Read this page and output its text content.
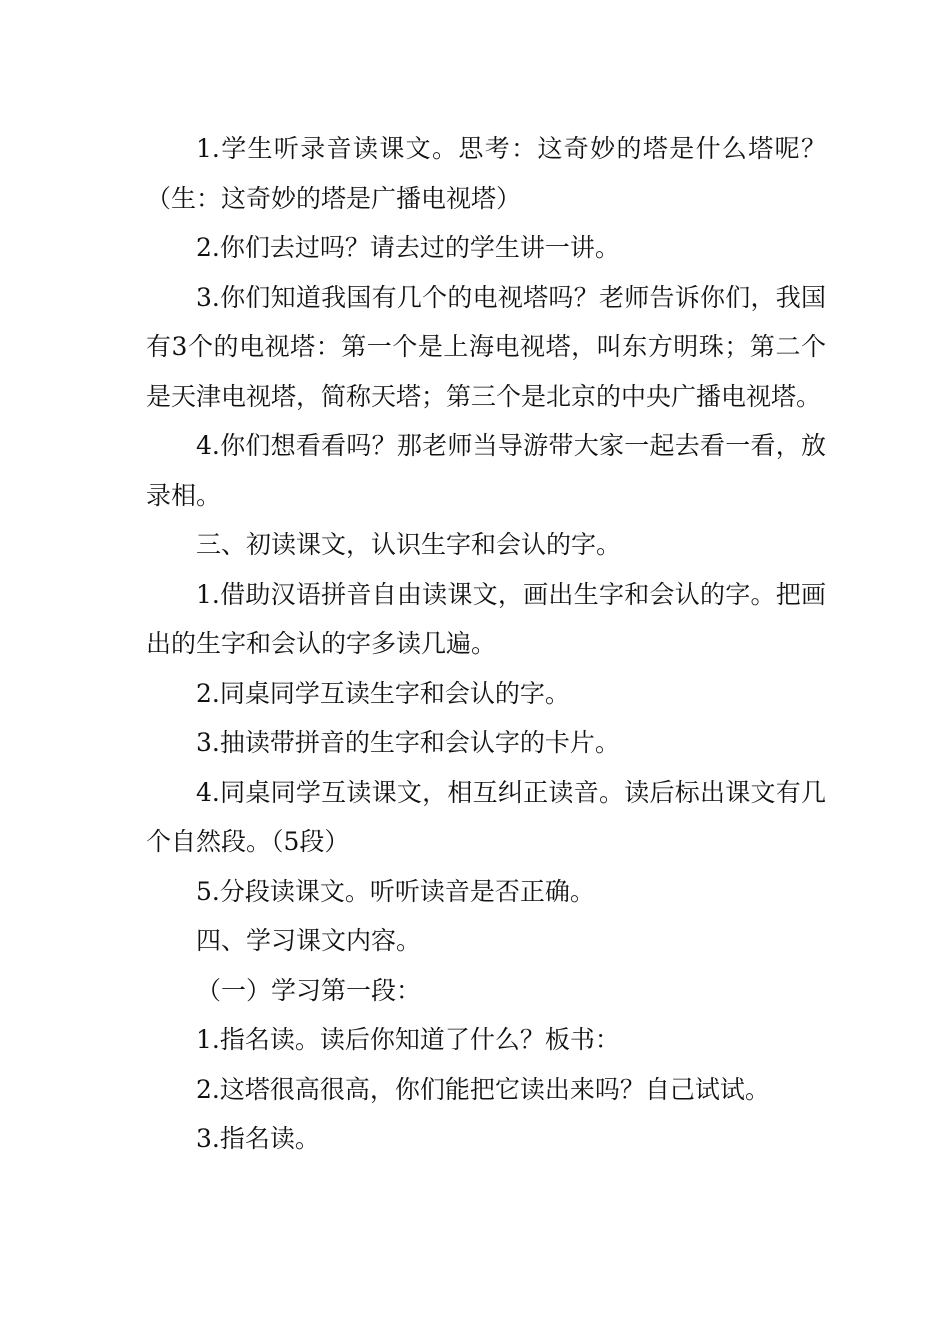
1.学生听录音读课文。思考：这奇妙的塔是什么塔呢？（生：这奇妙的塔是广播电视塔）

2.你们去过吗？请去过的学生讲一讲。

3.你们知道我国有几个的电视塔吗？老师告诉你们，我国有3个的电视塔：第一个是上海电视塔，叫东方明珠；第二个是天津电视塔，简称天塔；第三个是北京的中央广播电视塔。

4.你们想看看吗？那老师当导游带大家一起去看一看，放录相。

三、初读课文，认识生字和会认的字。

1.借助汉语拼音自由读课文，画出生字和会认的字。把画出的生字和会认的字多读几遍。

2.同桌同学互读生字和会认的字。

3.抽读带拼音的生字和会认字的卡片。

4.同桌同学互读课文，相互纠正读音。读后标出课文有几个自然段。（5段）

5.分段读课文。听听读音是否正确。

四、学习课文内容。

（一）学习第一段：

1.指名读。读后你知道了什么？板书：

2.这塔很高很高，你们能把它读出来吗？自己试试。

3.指名读。
